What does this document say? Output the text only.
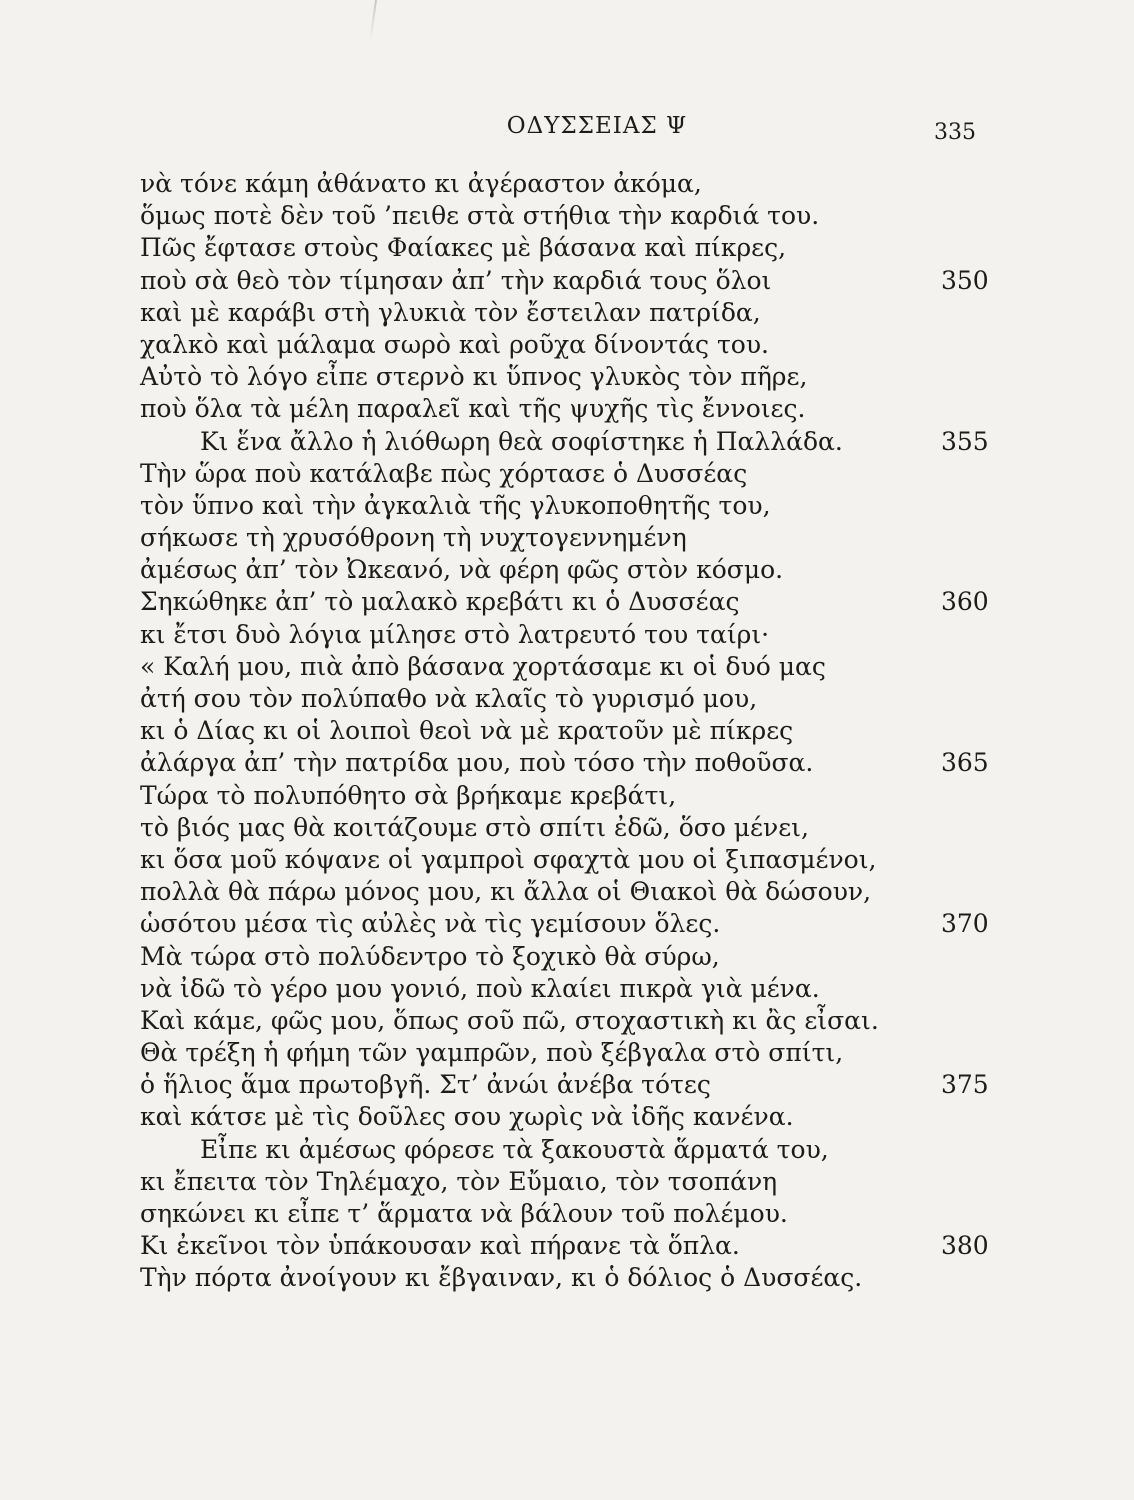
ΟΔΥΣΣΕΙΑΣ Ψ	335
νὰ τόνε κάμη ἀθάνατο κι ἀγέραστον ἀκόμα,
ὅμως ποτὲ δὲν τοῦ ’πειθε στὰ στήθια τὴν καρδιά του.
Πῶς ἔφτασε στοὺς Φαίακες μὲ βάσανα καὶ πίκρες,
ποὺ σὰ θεὸ τὸν τίμησαν ἀπ’ τὴν καρδιά τους ὅλοι	350
καὶ μὲ καράβι στὴ γλυκιὰ τὸν ἔστειλαν πατρίδα,
χαλκὸ καὶ μάλαμα σωρὸ καὶ ροῦχα δίνοντάς του.
Αὐτὸ τὸ λόγο εἶπε στερνὸ κι ὕπνος γλυκὸς τὸν πῆρε,
ποὺ ὅλα τὰ μέλη παραλεῖ καὶ τῆς ψυχῆς τὶς ἔννοιες.
Κι ἕνα ἄλλο ἡ λιόθωρη θεὰ σοφίστηκε ἡ Παλλάδα.	355
Τὴν ὥρα ποὺ κατάλαβε πὼς χόρτασε ὁ Δυσσέας
τὸν ὕπνο καὶ τὴν ἀγκαλιὰ τῆς γλυκοποθητῆς του,
σήκωσε τὴ χρυσόθρονη τὴ νυχτογεννημένη
ἀμέσως ἀπ’ τὸν Ὠκεανό, νὰ φέρη φῶς στὸν κόσμο.
Σηκώθηκε ἀπ’ τὸ μαλακὸ κρεβάτι κι ὁ Δυσσέας	360
κι ἔτσι δυὸ λόγια μίλησε στὸ λατρευτό του ταίρι·
« Καλή μου, πιὰ ἀπὸ βάσανα χορτάσαμε κι οἱ δυό μας
ἀτή σου τὸν πολύπαθο νὰ κλαῖς τὸ γυρισμό μου,
κι ὁ Δίας κι οἱ λοιποὶ θεοὶ νὰ μὲ κρατοῦν μὲ πίκρες
ἀλάργα ἀπ’ τὴν πατρίδα μου, ποὺ τόσο τὴν ποθοῦσα.	365
Τώρα τὸ πολυπόθητο σὰ βρήκαμε κρεβάτι,
τὸ βιός μας θὰ κοιτάζουμε στὸ σπίτι ἐδῶ, ὅσο μένει,
κι ὅσα μοῦ κόψανε οἱ γαμπροὶ σφαχτὰ μου οἱ ξιπασμένοι,
πολλὰ θὰ πάρω μόνος μου, κι ἄλλα οἱ Θιακοὶ θὰ δώσουν,
ὡσότου μέσα τὶς αὐλὲς νὰ τὶς γεμίσουν ὅλες.	370
Μὰ τώρα στὸ πολύδεντρο τὸ ξοχικὸ θὰ σύρω,
νὰ ἰδῶ τὸ γέρο μου γονιό, ποὺ κλαίει πικρὰ γιὰ μένα.
Καὶ κάμε, φῶς μου, ὅπως σοῦ πῶ, στοχαστικὴ κι ἂς εἶσαι.
Θὰ τρέξη ἡ φήμη τῶν γαμπρῶν, ποὺ ξέβγαλα στὸ σπίτι,
ὁ ἥλιος ἅμα πρωτοβγῆ. Στ’ ἀνώι ἀνέβα τότες	375
καὶ κάτσε μὲ τὶς δοῦλες σου χωρὶς νὰ ἰδῆς κανένα.
Εἶπε κι ἀμέσως φόρεσε τὰ ξακουστὰ ἅρματά του,
κι ἔπειτα τὸν Τηλέμαχο, τὸν Εὔμαιο, τὸν τσοπάνη
σηκώνει κι εἶπε τ’ ἅρματα νὰ βάλουν τοῦ πολέμου.
Κι ἐκεῖνοι τὸν ὑπάκουσαν καὶ πήρανε τὰ ὅπλα.	380
Τὴν πόρτα ἀνοίγουν κι ἔβγαιναν, κι ὁ δόλιος ὁ Δυσσέας.
